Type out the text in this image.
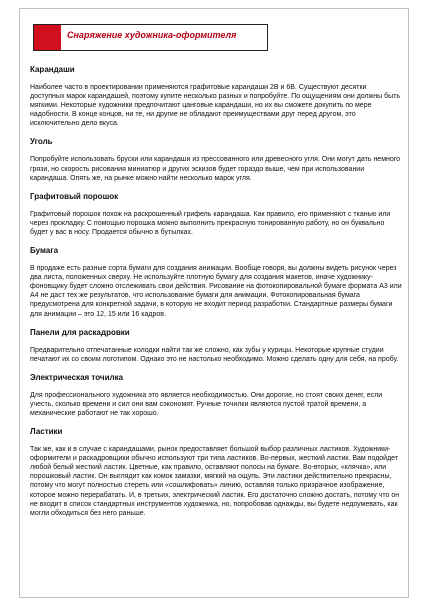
Снаряжение художника-оформителя
Карандаши

Наиболее часто в проектировании применяются графитовые карандаши 2B и 6B. Существуют десятки доступных марок карандашей, поэтому купите несколько разных и попробуйте. По ощущениям они должны быть мягкими. Некоторые художники предпочитают цанговые карандаши, но их вы сможете докупить по мере надобности. В конце концов, ни те, ни другие не обладают преимуществами друг перед другом, это исключительно дело вкуса.

Уголь

Попробуйте использовать бруски или карандаши из прессованного или древесного угля. Они могут дать немного грязи, но скорость рисования миниатюр и других эскизов будет гораздо выше, чем при использовании карандаша. Опять же, на рынке можно найти несколько марок угля.

Графитовый порошок

Графитовый порошок похож на раскрошенный грифель карандаша. Как правило, его применяют с тканью или через прокладку. С помощью порошка можно выполнить прекрасную тонированную работу, но он буквально будет у вас в носу. Продается обычно в бутылках.

Бумага

В продаже есть разные сорта бумаги для создания анимации. Вообще говоря, вы должны видеть рисунок через два листа, положенных сверху. Не используйте плотную бумагу для создания макетов, иначе художнику-фоновщику будет сложно отслеживать свои действия. Рисование на фотокопировальной бумаге формата А3 или А4 не даст тех же результатов, что использование бумаги для анимации. Фотокопировальная бумага предусмотрена для конкретной задачи, в которую не входит период разработки. Стандартные размеры бумаги для анимации – это 12, 15 или 16 кадров.

Панели для раскадровки

Предварительно отпечатанные колодки найти так же сложно, как зубы у курицы. Некоторые крупные студии печатают их со своим логотипом. Однако это не настолько необходимо. Можно сделать одну для себя, на пробу.

Электрическая точилка

Для профессионального художника это является необходимостью. Они дорогие, но стоят своих денег, если учесть, сколько времени и сил они вам сэкономят. Ручные точилки являются пустой тратой времени, а механические работают не так хорошо.

Ластики

Так же, как и в случае с карандашами, рынок предоставляет большой выбор различных ластиков. Художники-оформители и раскадровщики обычно используют три типа ластиков. Во-первых, жесткий ластик. Вам подойдет любой белый жесткий ластик. Цветные, как правило, оставляют полосы на бумаге. Во-вторых, «клячка», или порошковый ластик. Он выглядит как комок замазки, мягкий на ощупь. Эти ластики действительно прекрасны, потому что могут полностью стереть или «сошлифовать» линию, оставляя только призрачное изображение, которое можно перерабатать. И, в третьих, электрический ластик. Его достаточно сложно достать, потому что он не входит в список стандартных инструментов художника, но, попробовав однажды, вы будете недоумевать, как могли обходиться без него раньше.
